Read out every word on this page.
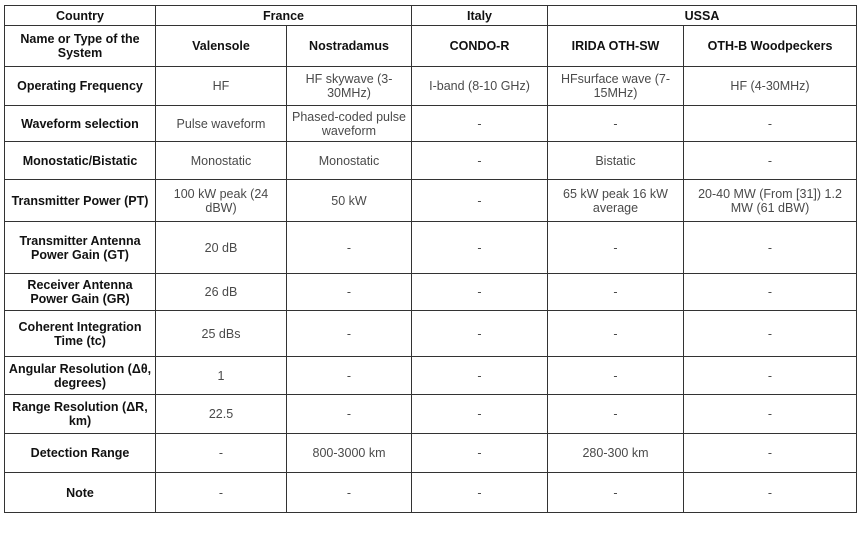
Country	France		Italy	USSA	
Name or Type of the System	Valensole	Nostradamus	CONDO-R	IRIDA OTH-SW	OTH-B Woodpeckers
Operating Frequency	HF	HF skywave (3-30MHz)	I-band (8-10 GHz)	HFsurface wave (7-15MHz)	HF (4-30MHz)
Waveform selection	Pulse waveform	Phased-coded pulse waveform	-	-	-
Monostatic/Bistatic	Monostatic	Monostatic	-	Bistatic	-
Transmitter Power (PT)	100 kW peak (24 dBW)	50 kW	-	65 kW peak 16 kW average	20-40 MW (From [31]) 1.2 MW (61 dBW)
Transmitter Antenna Power Gain (GT)	20 dB	-	-	-	-
Receiver Antenna Power Gain (GR)	26 dB	-	-	-	-
Coherent Integration Time (tc)	25 dBs	-	-	-	-
Angular Resolution (Δθ, degrees)	1	-	-	-	-
Range Resolution (ΔR, km)	22.5	-	-	-	-
Detection Range	-	800-3000 km	-	280-300 km	-
Note	-	-	-	-	-
